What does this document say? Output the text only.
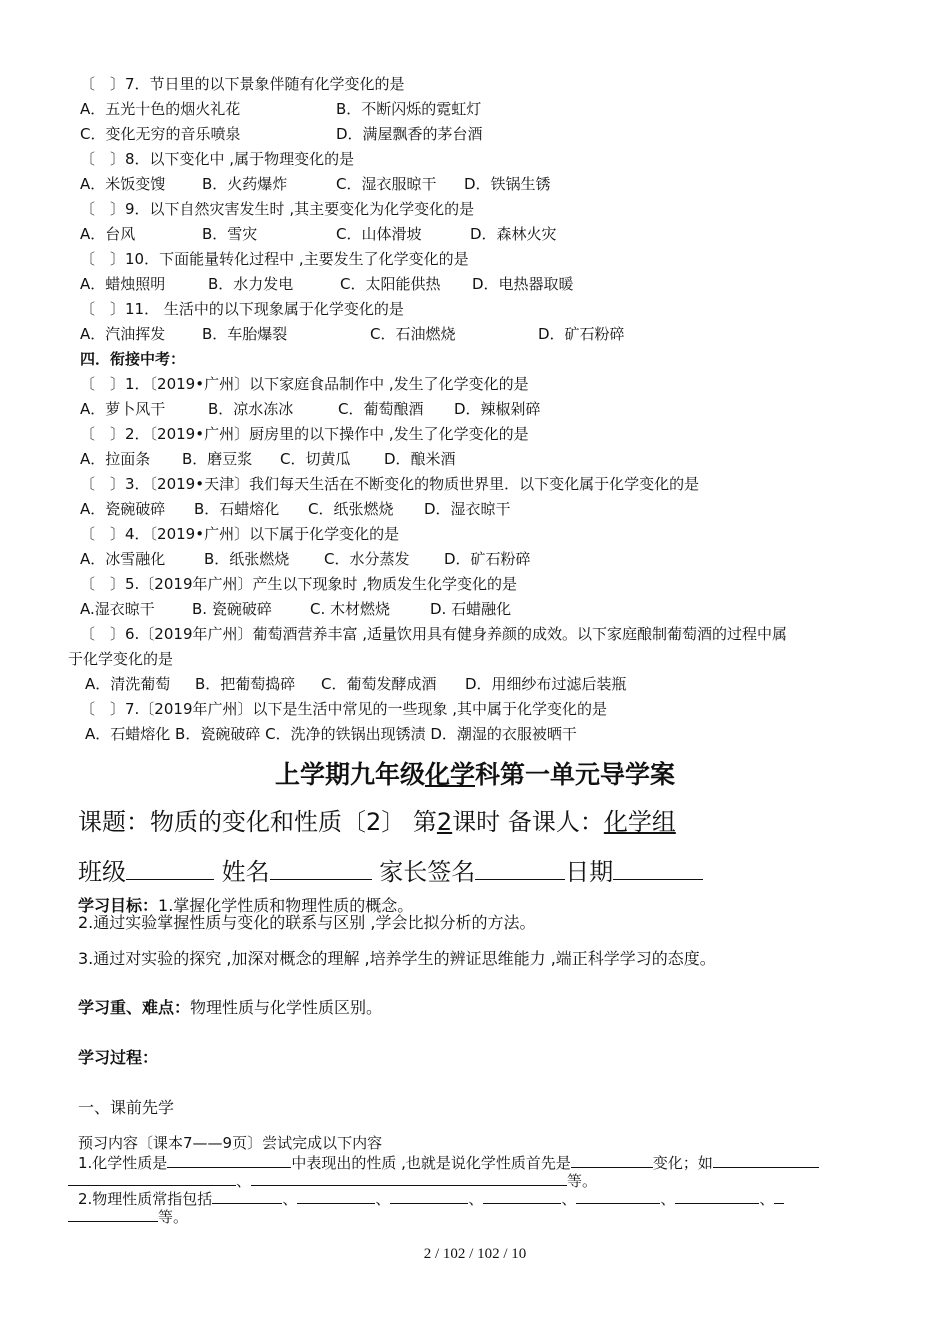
〔　〕7．节日里的以下景象伴随有化学变化的是
A．五光十色的烟火礼花	B．不断闪烁的霓虹灯
C．变化无穷的音乐喷泉	D．满屋飘香的茅台酒
〔　〕8．以下变化中 ,属于物理变化的是
A．米饭变馊 B．火药爆炸	C．湿衣服晾干 D．铁锅生锈
〔　〕9．以下自然灾害发生时 ,其主要变化为化学变化的是
A．台风	B．雪灾	C．山体滑坡	D．森林火灾
〔　〕10．下面能量转化过程中 ,主要发生了化学变化的是
A．蜡烛照明	B．水力发电	C．太阳能供热 D．电热器取暖
〔　〕11． 生活中的以下现象属于化学变化的是
A．汽油挥发 B．车胎爆裂	C．石油燃烧	D．矿石粉碎
四．衔接中考：
〔　〕1．〔2019•广州〕以下家庭食品制作中 ,发生了化学变化的是
A．萝卜风干	B．凉水冻冰	C．葡萄酿酒 D．辣椒剁碎
〔　〕2．〔2019•广州〕厨房里的以下操作中 ,发生了化学变化的是
A．拉面条 B．磨豆浆 C．切黄瓜 D．酿米酒
〔　〕3．〔2019•天津〕我们每天生活在不断变化的物质世界里．以下变化属于化学变化的是
A．瓷碗破碎 B．石蜡熔化 C．纸张燃烧 D．湿衣晾干
〔　〕4．〔2019•广州〕以下属于化学变化的是
A．冰雪融化	B．纸张燃烧 C．水分蒸发 D．矿石粉碎
〔　〕5.〔2019年广州〕产生以下现象时 ,物质发生化学变化的是
A.湿衣晾干 B. 瓷碗破碎	C. 木材燃烧	D. 石蜡融化
〔　〕6.〔2019年广州〕葡萄酒营养丰富 ,适量饮用具有健身养颜的成效。以下家庭酿制葡萄酒的过程中属
于化学变化的是
A．清洗葡萄 B．把葡萄捣碎 C．葡萄发酵成酒 D．用细纱布过滤后装瓶
〔　〕7.〔2019年广州〕以下是生活中常见的一些现象 ,其中属于化学变化的是
A．石蜡熔化 B．瓷碗破碎 C．洗净的铁锅出现锈渍 D．潮湿的衣服被晒干
上学期九年级化学科第一单元导学案
课题：物质的变化和性质〔2〕 第2课时 备课人：化学组
班级	姓名	家长签名	日期
学习目标：1.掌握化学性质和物理性质的概念。
2.通过实验掌握性质与变化的联系与区别 ,学会比拟分析的方法。
3.通过对实验的探究 ,加深对概念的理解 ,培养学生的辨证思维能力 ,端正科学学习的态度。
学习重、难点：物理性质与化学性质区别。
学习过程：
一、课前先学
预习内容〔课本7——9页〕尝试完成以下内容
1.化学性质是	中表现出的性质 ,也就是说化学性质首先是	变化；如
、	等。
2.物理性质常指包括	、	、	、	、	、	、
等。
2 / 102 / 102 / 10
